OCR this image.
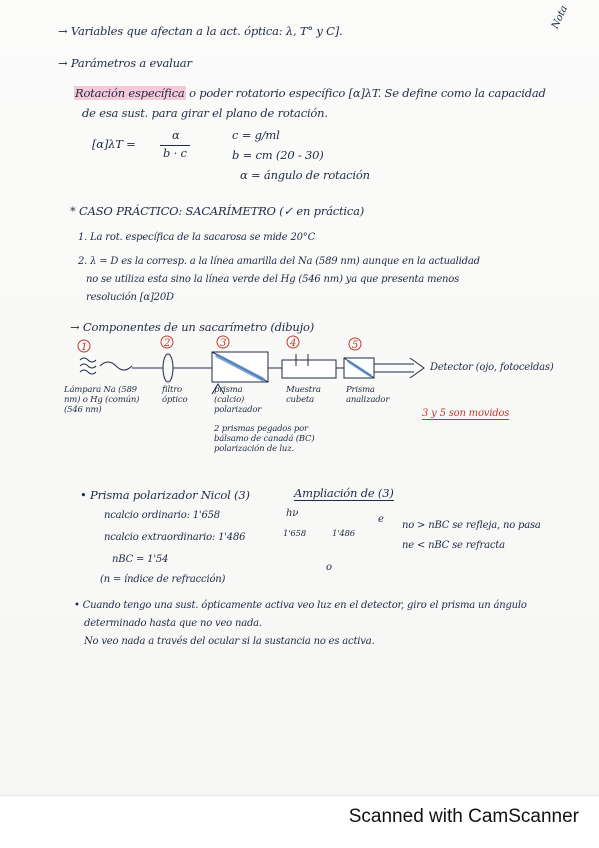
→ Variables que afectan a la act. óptica: λ, T° y C].
Nota
→ Parámetros a evaluar
Rotación específica o poder rotatorio específico [α]λT. Se define como la capacidad
de esa sust. para girar el plano de rotación.
[α]λT =
α
b · c
c = g/ml
b = cm (20 - 30)
α = ángulo de rotación
* CASO PRÁCTICO: SACARÍMETRO (✓ en práctica)
1. La rot. específica de la sacarosa se mide 20°C
2. λ = D es la corresp. a la línea amarilla del Na (589 nm) aunque en la actualidad
no se utiliza esta sino la línea verde del Hg (546 nm) ya que presenta menos
resolución [α]20D
→ Componentes de un sacarímetro (dibujo)
1	2	3	4	5
Detector (ojo, fotoceldas)
Lámpara Na (589 nm) o Hg (común) (546 nm)
filtro óptico
prisma (calcio) polarizador
Muestra cubeta
Prisma analizador
2 prismas pegados por bálsamo de canadá (BC) polarización de luz.
3 y 5 son movidos
• Prisma polarizador Nicol (3)
ncalcio ordinario: 1'658
ncalcio extraordinario: 1'486
nBC = 1'54
(n = índice de refracción)
Ampliación de (3)
hν
1'658	1'486
e
o
no > nBC se refleja, no pasa
ne < nBC se refracta
• Cuando tengo una sust. ópticamente activa veo luz en el detector, giro el prisma un ángulo
determinado hasta que no veo nada.
No veo nada a través del ocular si la sustancia no es activa.
Scanned with CamScanner
